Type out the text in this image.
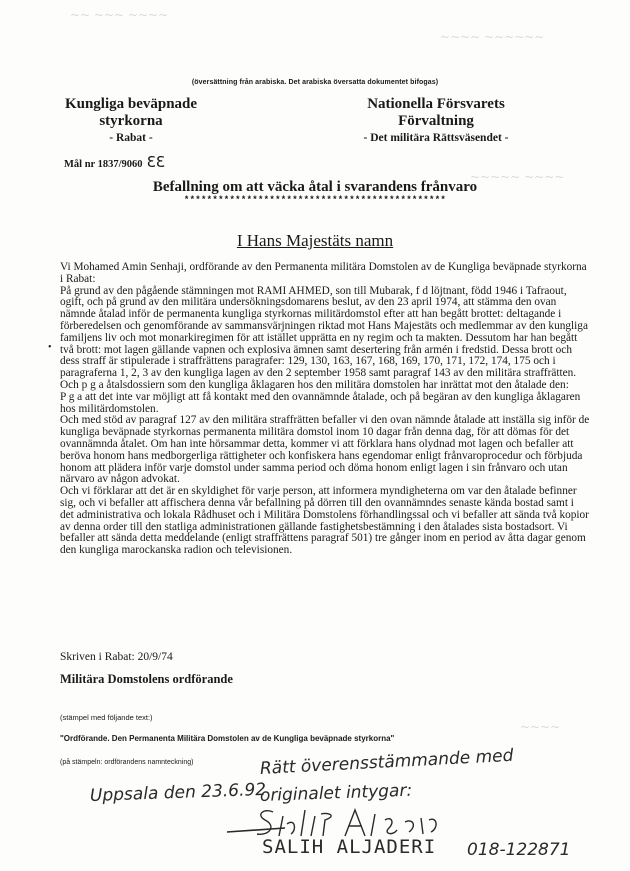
~~ ~~~ ~~~~
~~~~ ~~~~~~
~~~~~ ~~~~
~~~~
(översättning från arabiska. Det arabiska översatta dokumentet bifogas)
Kungliga beväpnade
styrkorna
- Rabat -
Nationella Försvarets
Förvaltning
- Det militära Rättsväsendet -
Mål nr 1837/9060 ƐƐ
Befallning om att väcka åtal i svarandens frånvaro
**********************************************
I Hans Majestäts namn
•

Vi Mohamed Amin Senhaji, ordförande av den Permanenta militära Domstolen av de Kungliga beväpnade styrkorna i Rabat:

På grund av den pågående stämningen mot RAMI AHMED, son till Mubarak, f d löjtnant, född 1946 i Tafraout, ogift, och på grund av den militära undersökningsdomarens beslut, av den 23 april 1974, att stämma den ovan nämnde åtalad inför de permanenta kungliga styrkornas militärdomstol efter att han begått brottet: deltagande i förberedelsen och genomförande av sammansvärjningen riktad mot Hans Majestäts och medlemmar av den kungliga familjens liv och mot monarkiregimen för att istället upprätta en ny regim och ta makten. Dessutom har han begått två brott: mot lagen gällande vapnen och explosiva ämnen samt desertering från armén i fredstid. Dessa brott och dess straff är stipulerade i straffrättens paragrafer: 129, 130, 163, 167, 168, 169, 170, 171, 172, 174, 175 och i paragraferna 1, 2, 3 av den kungliga lagen av den 2 september 1958 samt paragraf 143 av den militära straffrätten.

Och p g a åtalsdossiern som den kungliga åklagaren hos den militära domstolen har inrättat mot den åtalade den:

P g a att det inte var möjligt att få kontakt med den ovannämnde åtalade, och på begäran av den kungliga åklagaren hos militärdomstolen.

Och med stöd av paragraf 127 av den militära straffrätten befaller vi den ovan nämnde åtalade att inställa sig inför de kungliga beväpnade styrkornas permanenta militära domstol inom 10 dagar från denna dag, för att dömas för det ovannämnda åtalet. Om han inte hörsammar detta, kommer vi att förklara hans olydnad mot lagen och befaller att beröva honom hans medborgerliga rättigheter och konfiskera hans egendomar enligt frånvaroprocedur och förbjuda honom att plädera inför varje domstol under samma period och döma honom enligt lagen i sin frånvaro och utan närvaro av någon advokat.

Och vi förklarar att det är en skyldighet för varje person, att informera myndigheterna om var den åtalade befinner sig, och vi befaller att affischera denna vår befallning på dörren till den ovannämndes senaste kända bostad samt i det administrativa och lokala Rådhuset och i Militära Domstolens förhandlingssal och vi befaller att sända två kopior av denna order till den statliga administrationen gällande fastighetsbestämning i den åtalades sista bostadsort. Vi befaller att sända detta meddelande (enligt straffrättens paragraf 501) tre gånger inom en period av åtta dagar genom den kungliga marockanska radion och televisionen.

Skriven i Rabat: 20/9/74
Militära Domstolens ordförande
(stämpel med följande text:)
"Ordförande. Den Permanenta Militära Domstolen av de Kungliga beväpnade styrkorna"
(på stämpeln: ordförandens namnteckning)	Rätt överensstämmande med
Uppsala den 23.6.92
originalet intygar:
SALIH ALJADERI 018-122871
